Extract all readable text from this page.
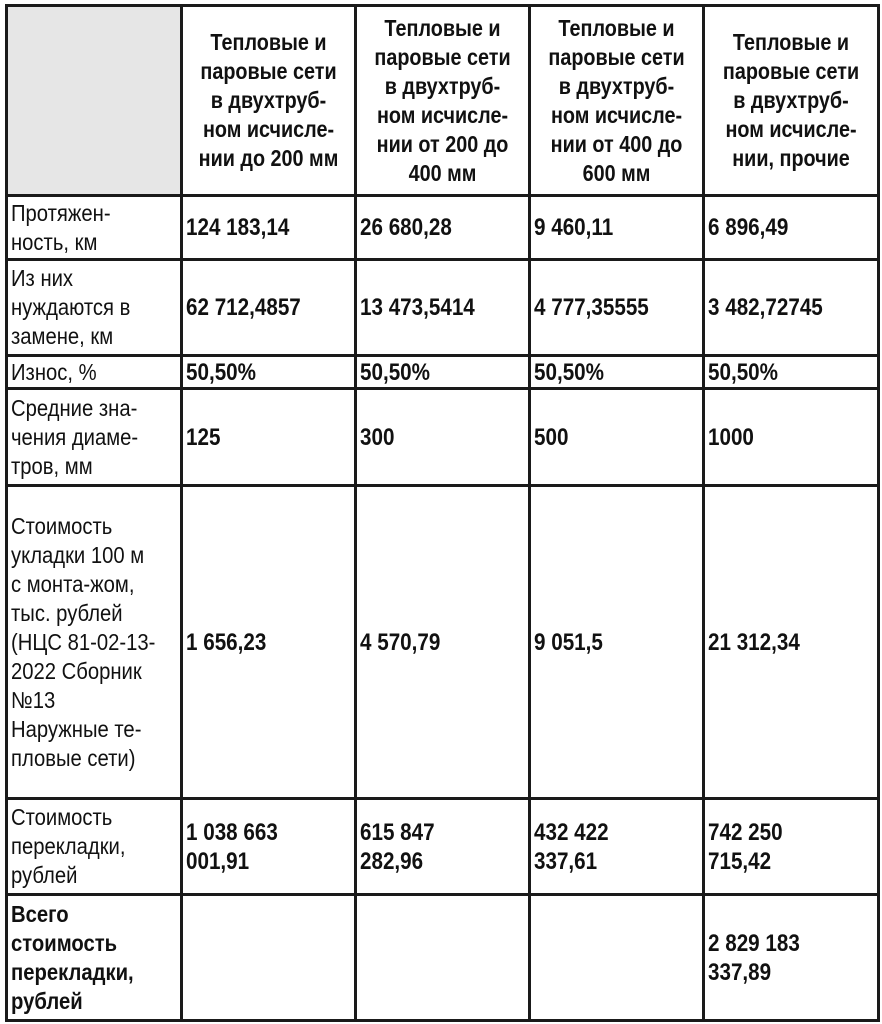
	Тепловые и паровые сети в двухтруб-ном исчисле-нии до 200 мм	Тепловые и паровые сети в двухтруб-ном исчисле-нии от 200 до 400 мм	Тепловые и паровые сети в двухтруб-ном исчисле-нии от 400 до 600 мм	Тепловые и паровые сети в двухтруб-ном исчисле-нии, прочие
Протяжен-ность, км	124 183,14	26 680,28	9 460,11	6 896,49
Из них нуждаются в замене, км	62 712,4857	13 473,5414	4 777,35555	3 482,72745
Износ, %	50,50%	50,50%	50,50%	50,50%
Средние зна-чения диаме-тров, мм	125	300	500	1000
Стоимость укладки 100 м с монта-жом, тыс. рублей (НЦС 81-02-13-2022 Сборник №13 Наружные те-пловые сети)	1 656,23	4 570,79	9 051,5	21 312,34
Стоимость перекладки, рублей	1 038 663 001,91	615 847 282,96	432 422 337,61	742 250 715,42
Всего стоимость перекладки, рублей				2 829 183 337,89
